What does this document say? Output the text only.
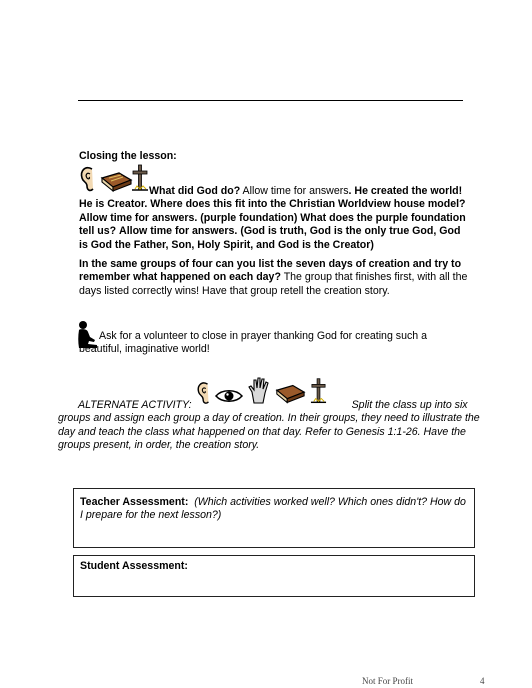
Closing the lesson:
What did God do? Allow time for answers. He created the world! He is Creator. Where does this fit into the Christian Worldview house model? Allow time for answers. (purple foundation) What does the purple foundation tell us? Allow time for answers. (God is truth, God is the only true God, God is God the Father, Son, Holy Spirit, and God is the Creator)
In the same groups of four can you list the seven days of creation and try to remember what happened on each day? The group that finishes first, with all the days listed correctly wins! Have that group retell the creation story.
Ask for a volunteer to close in prayer thanking God for creating such a beautiful, imaginative world!
ALTERNATE ACTIVITY:	Split the class up into six groups and assign each group a day of creation. In their groups, they need to illustrate the day and teach the class what happened on that day. Refer to Genesis 1:1-26. Have the groups present, in order, the creation story.
Teacher Assessment: (Which activities worked well? Which ones didn't? How do I prepare for the next lesson?)
Student Assessment:
Not For Profit	4
